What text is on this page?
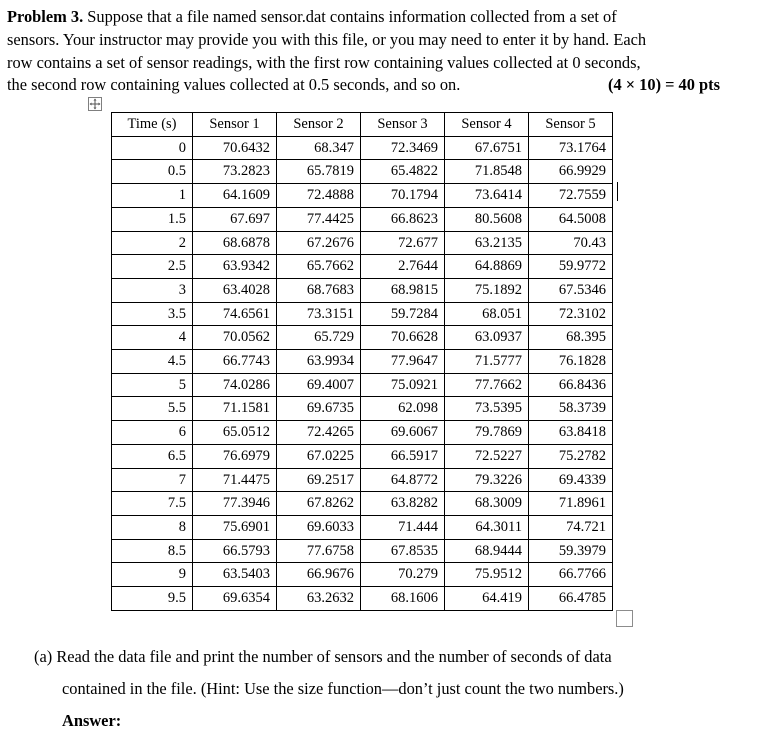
Problem 3. Suppose that a file named sensor.dat contains information collected from a set of
sensors. Your instructor may provide you with this file, or you may need to enter it by hand. Each
row contains a set of sensor readings, with the first row containing values collected at 0 seconds,
the second row containing values collected at 0.5 seconds, and so on.	(4 × 10) = 40 pts
Time (s)	Sensor 1	Sensor 2	Sensor 3	Sensor 4	Sensor 5
0	70.6432	68.347	72.3469	67.6751	73.1764
0.5	73.2823	65.7819	65.4822	71.8548	66.9929
1	64.1609	72.4888	70.1794	73.6414	72.7559
1.5	67.697	77.4425	66.8623	80.5608	64.5008
2	68.6878	67.2676	72.677	63.2135	70.43
2.5	63.9342	65.7662	2.7644	64.8869	59.9772
3	63.4028	68.7683	68.9815	75.1892	67.5346
3.5	74.6561	73.3151	59.7284	68.051	72.3102
4	70.0562	65.729	70.6628	63.0937	68.395
4.5	66.7743	63.9934	77.9647	71.5777	76.1828
5	74.0286	69.4007	75.0921	77.7662	66.8436
5.5	71.1581	69.6735	62.098	73.5395	58.3739
6	65.0512	72.4265	69.6067	79.7869	63.8418
6.5	76.6979	67.0225	66.5917	72.5227	75.2782
7	71.4475	69.2517	64.8772	79.3226	69.4339
7.5	77.3946	67.8262	63.8282	68.3009	71.8961
8	75.6901	69.6033	71.444	64.3011	74.721
8.5	66.5793	77.6758	67.8535	68.9444	59.3979
9	63.5403	66.9676	70.279	75.9512	66.7766
9.5	69.6354	63.2632	68.1606	64.419	66.4785
(a) Read the data file and print the number of sensors and the number of seconds of data
contained in the file. (Hint: Use the size function—don’t just count the two numbers.)
Answer:
